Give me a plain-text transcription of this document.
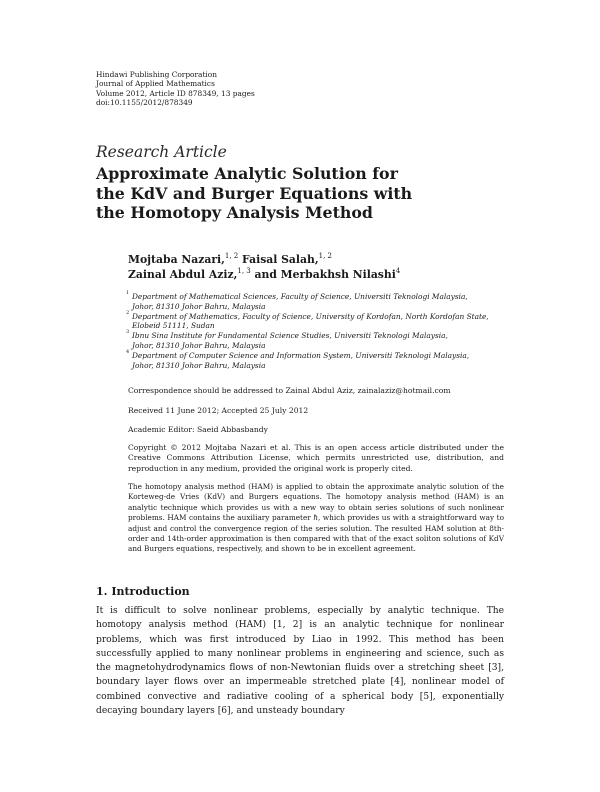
Hindawi Publishing Corporation
Journal of Applied Mathematics
Volume 2012, Article ID 878349, 13 pages
doi:10.1155/2012/878349
Research Article
Approximate Analytic Solution for
the KdV and Burger Equations with
the Homotopy Analysis Method
Mojtaba Nazari,$^{1, 2}$ Faisal Salah,$^{1, 2}$
Zainal Abdul Aziz,$^{1, 3}$ and Merbakhsh Nilashi$^4$
1 Department of Mathematical Sciences, Faculty of Science, Universiti Teknologi Malaysia,
Johor, 81310 Johor Bahru, Malaysia
2 Department of Mathematics, Faculty of Science, University of Kordofan, North Kordofan State,
Elobeid 51111, Sudan
3 Ibnu Sina Institute for Fundamental Science Studies, Universiti Teknologi Malaysia,
Johor, 81310 Johor Bahru, Malaysia
4 Department of Computer Science and Information System, Universiti Teknologi Malaysia,
Johor, 81310 Johor Bahru, Malaysia
Correspondence should be addressed to Zainal Abdul Aziz, zainalaziz@hotmail.com
Received 11 June 2012; Accepted 25 July 2012
Academic Editor: Saeid Abbasbandy
Copyright © 2012 Mojtaba Nazari et al. This is an open access article distributed under the Creative Commons Attribution License, which permits unrestricted use, distribution, and reproduction in any medium, provided the original work is properly cited.
The homotopy analysis method (HAM) is applied to obtain the approximate analytic solution of the Korteweg-de Vries (KdV) and Burgers equations. The homotopy analysis method (HAM) is an analytic technique which provides us with a new way to obtain series solutions of such nonlinear problems. HAM contains the auxiliary parameter ħ, which provides us with a straightforward way to adjust and control the convergence region of the series solution. The resulted HAM solution at 8th-order and 14th-order approximation is then compared with that of the exact soliton solutions of KdV and Burgers equations, respectively, and shown to be in excellent agreement.
1. Introduction
It is difficult to solve nonlinear problems, especially by analytic technique. The homotopy analysis method (HAM) [1, 2] is an analytic technique for nonlinear problems, which was first introduced by Liao in 1992. This method has been successfully applied to many nonlinear problems in engineering and science, such as the magnetohydrodynamics flows of non-Newtonian fluids over a stretching sheet [3], boundary layer flows over an impermeable stretched plate [4], nonlinear model of combined convective and radiative cooling of a spherical body [5], exponentially decaying boundary layers [6], and unsteady boundary
